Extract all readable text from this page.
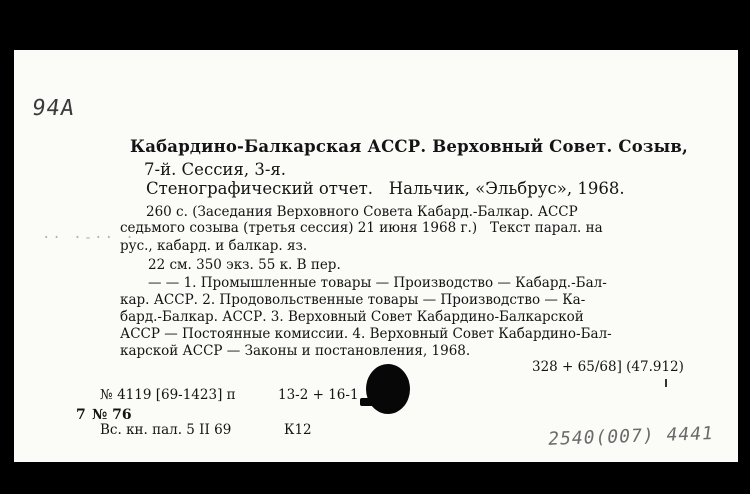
94A
Кабардино-Балкарская АССР. Верховный Совет. Созыв,
7-й. Сессия, 3-я.
Стенографический отчет.   Нальчик, «Эльбрус», 1968.
260 с. (Заседания Верховного Совета Кабард.-Балкар. АССР
седьмого созыва (третья сессия) 21 июня 1968 г.)   Текст парал. на
рус., кабард. и балкар. яз.
22 см. 350 экз. 55 к. В пер.
— — 1. Промышленные товары — Производство — Кабард.-Бал-
кар. АССР. 2. Продовольственные товары — Производство — Ка-
бард.-Балкар. АССР. 3. Верховный Совет Кабардино-Балкарской
АССР — Постоянные комиссии. 4. Верховный Совет Кабардино-Бал-
карской АССР — Законы и постановления, 1968.
328 + 65/68] (47.912)
№ 4119 [69-1423] п	13-2 + 16-1
7 № 76
Вс. кн. пал. 5 II 69	К12	2540(007) 4441
·· ·-·· ·
